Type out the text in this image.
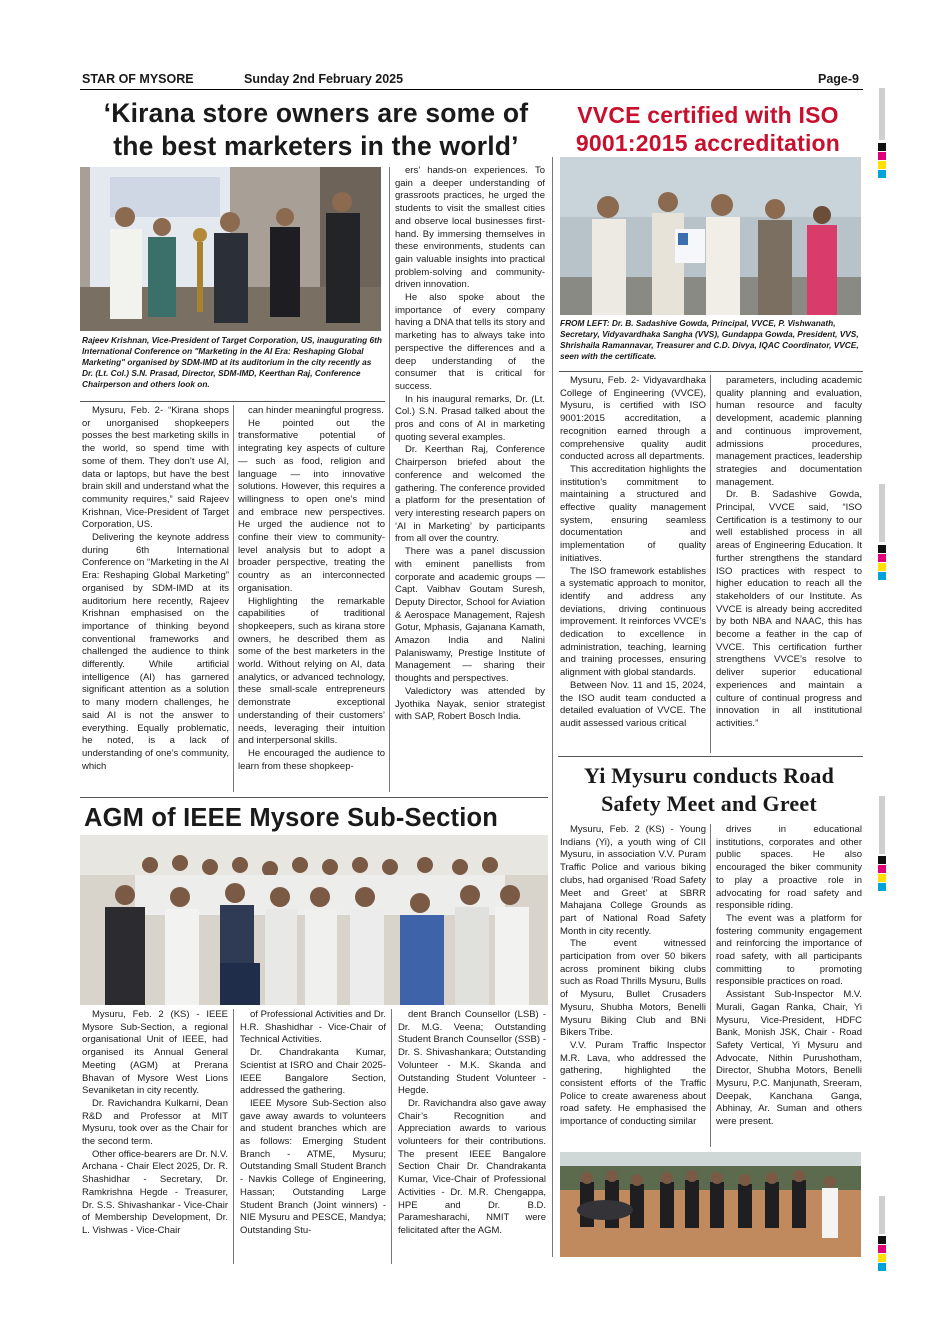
STAR OF MYSORE	Sunday 2nd February 2025	Page-9
‘Kirana store owners are some of
the best marketers in the world’
Rajeev Krishnan, Vice-President of Target Corporation, US, inaugurating 6th International Conference on "Marketing in the AI Era: Reshaping Global Marketing" organised by SDM-IMD at its auditorium in the city recently as Dr. (Lt. Col.) S.N. Prasad, Director, SDM-IMD, Keerthan Raj, Conference Chairperson and others look on.

Mysuru, Feb. 2- “Kirana shops or unorganised shopkeepers posses the best marketing skills in the world, so spend time with some of them. They don’t use AI, data or laptops, but have the best brain skill and understand what the community requires,” said Rajeev Krishnan, Vice-President of Target Corporation, US.

Delivering the keynote address during 6th International Conference on “Marketing in the AI Era: Reshaping Global Marketing” organised by SDM-IMD at its auditorium here recently, Rajeev Krishnan emphasised on the importance of thinking beyond conventional frameworks and challenged the audience to think differently. While artificial intelligence (AI) has garnered significant attention as a solution to many modern challenges, he said AI is not the answer to everything. Equally problematic, he noted, is a lack of understanding of one’s community, which

can hinder meaningful progress.

He pointed out the transformative potential of integrating key aspects of culture — such as food, religion and language — into innovative solutions. However, this requires a willingness to open one’s mind and embrace new perspectives. He urged the audience not to confine their view to community-level analysis but to adopt a broader perspective, treating the country as an interconnected organisation.

Highlighting the remarkable capabilities of traditional shopkeepers, such as kirana store owners, he described them as some of the best marketers in the world. Without relying on AI, data analytics, or advanced technology, these small-scale entrepreneurs demonstrate exceptional understanding of their customers’ needs, leveraging their intuition and interpersonal skills.

He encouraged the audience to learn from these shopkeep-

ers’ hands-on experiences. To gain a deeper understanding of grassroots practices, he urged the students to visit the smallest cities and observe local businesses first-hand. By immersing themselves in these environments, students can gain valuable insights into practical problem-solving and community-driven innovation.

He also spoke about the importance of every company having a DNA that tells its story and marketing has to always take into perspective the differences and a deep understanding of the consumer that is critical for success.

In his inaugural remarks, Dr. (Lt. Col.) S.N. Prasad talked about the pros and cons of AI in marketing quoting several examples.

Dr. Keerthan Raj, Conference Chairperson briefed about the conference and welcomed the gathering. The conference provided a platform for the presentation of very interesting research papers on ‘AI in Marketing’ by participants from all over the country.

There was a panel discussion with eminent panellists from corporate and academic groups — Capt. Vaibhav Goutam Suresh, Deputy Director, School for Aviation & Aerospace Management, Rajesh Gotur, Mphasis, Gajanana Kamath, Amazon India and Nalini Palaniswamy, Prestige Institute of Management — sharing their thoughts and perspectives.

Valedictory was attended by Jyothika Nayak, senior strategist with SAP, Robert Bosch India.

VVCE certified with ISO
9001:2015 accreditation
FROM LEFT: Dr. B. Sadashive Gowda, Principal, VVCE, P. Vishwanath, Secretary, Vidyavardhaka Sangha (VVS), Gundappa Gowda, President, VVS, Shrishaila Ramannavar, Treasurer and C.D. Divya, IQAC Coordinator, VVCE, seen with the certificate.

Mysuru, Feb. 2- Vidyavardhaka College of Engineering (VVCE), Mysuru, is certified with ISO 9001:2015 accreditation, a recognition earned through a comprehensive quality audit conducted across all departments.

This accreditation highlights the institution’s commitment to maintaining a structured and effective quality management system, ensuring seamless documentation and implementation of quality initiatives.

The ISO framework establishes a systematic approach to monitor, identify and address any deviations, driving continuous improvement. It reinforces VVCE’s dedication to excellence in administration, teaching, learning and training processes, ensuring alignment with global standards.

Between Nov. 11 and 15, 2024, the ISO audit team conducted a detailed evaluation of VVCE. The audit assessed various critical

parameters, including academic quality planning and evaluation, human resource and faculty development, academic planning and continuous improvement, admissions procedures, management practices, leadership strategies and documentation management.

Dr. B. Sadashive Gowda, Principal, VVCE said, “ISO Certification is a testimony to our well established process in all areas of Engineering Education. It further strengthens the standard ISO practices with respect to higher education to reach all the stakeholders of our Institute. As VVCE is already being accredited by both NBA and NAAC, this has become a feather in the cap of VVCE. This certification further strengthens VVCE’s resolve to deliver superior educational experiences and maintain a culture of continual progress and innovation in all institutional activities.”

AGM of IEEE Mysore Sub-Section

Mysuru, Feb. 2 (KS) - IEEE Mysore Sub-Section, a regional organisational Unit of IEEE, had organised its Annual General Meeting (AGM) at Prerana Bhavan of Mysore West Lions Sevaniketan in city recently.

Dr. Ravichandra Kulkarni, Dean R&D and Professor at MIT Mysuru, took over as the Chair for the second term.

Other office-bearers are Dr. N.V. Archana - Chair Elect 2025, Dr. R. Shashidhar - Secretary, Dr. Ramkrishna Hegde - Treasurer, Dr. S.S. Shivashankar - Vice-Chair of Membership Development, Dr. L. Vishwas - Vice-Chair

of Professional Activities and Dr. H.R. Shashidhar - Vice-Chair of Technical Activities.

Dr. Chandrakanta Kumar, Scientist at ISRO and Chair 2025-IEEE Bangalore Section, addressed the gathering.

IEEE Mysore Sub-Section also gave away awards to volunteers and student branches which are as follows: Emerging Student Branch - ATME, Mysuru; Outstanding Small Student Branch - Navkis College of Engineering, Hassan; Outstanding Large Student Branch (Joint winners) - NIE Mysuru and PESCE, Mandya; Outstanding Stu-

dent Branch Counsellor (LSB) - Dr. M.G. Veena; Outstanding Student Branch Counsellor (SSB) - Dr. S. Shivashankara; Outstanding Volunteer - M.K. Skanda and Outstanding Student Volunteer - Hegde.

Dr. Ravichandra also gave away Chair’s Recognition and Appreciation awards to various volunteers for their contributions. The present IEEE Bangalore Section Chair Dr. Chandrakanta Kumar, Vice-Chair of Professional Activities - Dr. M.R. Chengappa, HPE and Dr. B.D. Paramesharachi, NMIT were felicitated after the AGM.

Yi Mysuru conducts Road
Safety Meet and Greet

Mysuru, Feb. 2 (KS) - Young Indians (Yi), a youth wing of CII Mysuru, in association V.V. Puram Traffic Police and various biking clubs, had organised ‘Road Safety Meet and Greet’ at SBRR Mahajana College Grounds as part of National Road Safety Month in city recently.

The event witnessed participation from over 50 bikers across prominent biking clubs such as Road Thrills Mysuru, Bulls of Mysuru, Bullet Crusaders Mysuru, Shubha Motors, Benelli Mysuru Biking Club and BNi Bikers Tribe.

V.V. Puram Traffic Inspector M.R. Lava, who addressed the gathering, highlighted the consistent efforts of the Traffic Police to create awareness about road safety. He emphasised the importance of conducting similar

drives in educational institutions, corporates and other public spaces. He also encouraged the biker community to play a proactive role in advocating for road safety and responsible riding.

The event was a platform for fostering community engagement and reinforcing the importance of road safety, with all participants committing to promoting responsible practices on road.

Assistant Sub-Inspector M.V. Murali, Gagan Ranka, Chair, Yi Mysuru, Vice-President, HDFC Bank, Monish JSK, Chair - Road Safety Vertical, Yi Mysuru and Advocate, Nithin Purushotham, Director, Shubha Motors, Benelli Mysuru, P.C. Manjunath, Sreeram, Deepak, Kanchana Ganga, Abhinay, Ar. Suman and others were present.
